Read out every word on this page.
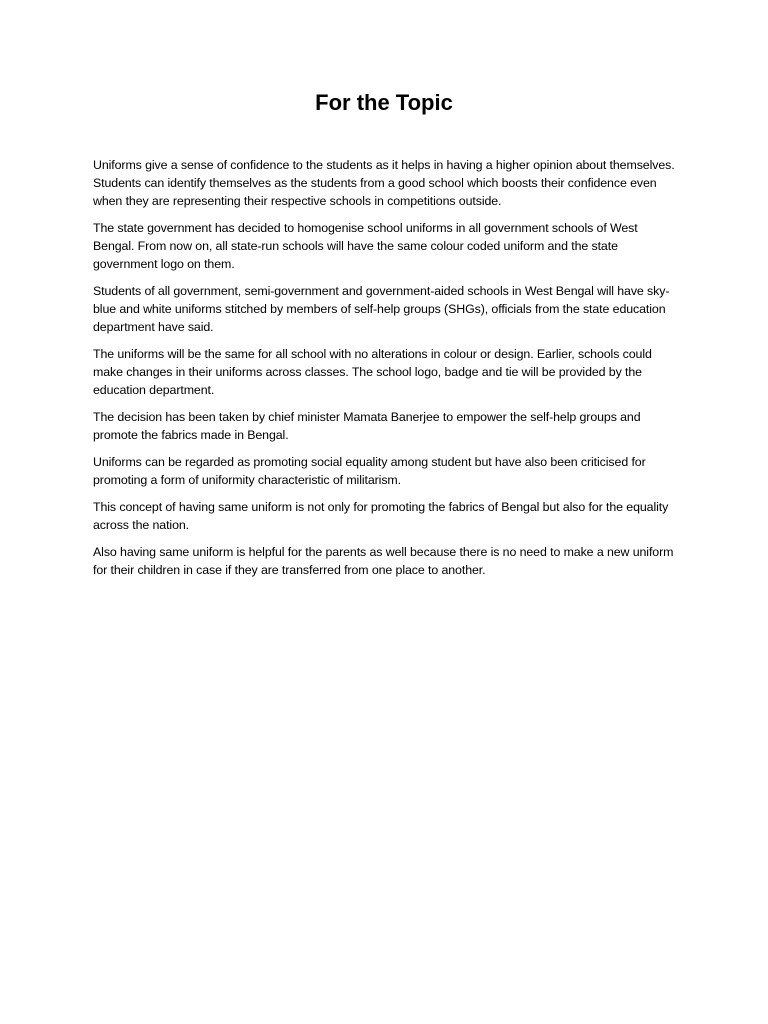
For the Topic

Uniforms give a sense of confidence to the students as it helps in having a higher opinion about themselves. Students can identify themselves as the students from a good school which boosts their confidence even when they are representing their respective schools in competitions outside.

The state government has decided to homogenise school uniforms in all government schools of West Bengal. From now on, all state-run schools will have the same colour coded uniform and the state government logo on them.

Students of all government, semi-government and government-aided schools in West Bengal will have sky-blue and white uniforms stitched by members of self-help groups (SHGs), officials from the state education department have said.

The uniforms will be the same for all school with no alterations in colour or design. Earlier, schools could make changes in their uniforms across classes. The school logo, badge and tie will be provided by the education department.

The decision has been taken by chief minister Mamata Banerjee to empower the self-help groups and promote the fabrics made in Bengal.

Uniforms can be regarded as promoting social equality among student but have also been criticised for promoting a form of uniformity characteristic of militarism.

This concept of having same uniform is not only for promoting the fabrics of Bengal but also for the equality across the nation.

Also having same uniform is helpful for the parents as well because there is no need to make a new uniform for their children in case if they are transferred from one place to another.
